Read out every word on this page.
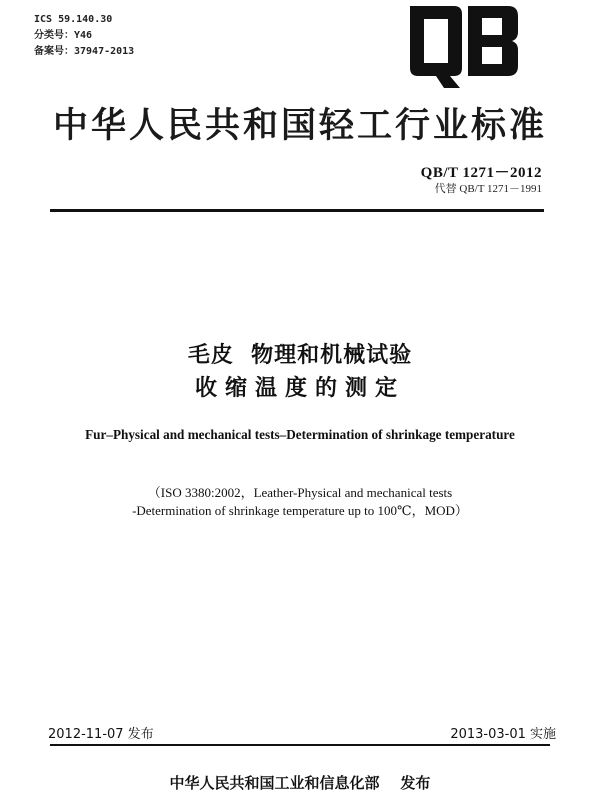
ICS 59.140.30
分类号：Y46
备案号：37947-2013
中华人民共和国轻工行业标准
QB/T 1271－2012
代替 QB/T 1271－1991
毛皮  物理和机械试验
收缩温度的测定
Fur–Physical and mechanical tests–Determination of shrinkage temperature
（ISO 3380:2002，Leather-Physical and mechanical tests
-Determination of shrinkage temperature up to 100℃，MOD）
2012-11-07 发布	2013-03-01 实施
中华人民共和国工业和信息化部    发布
